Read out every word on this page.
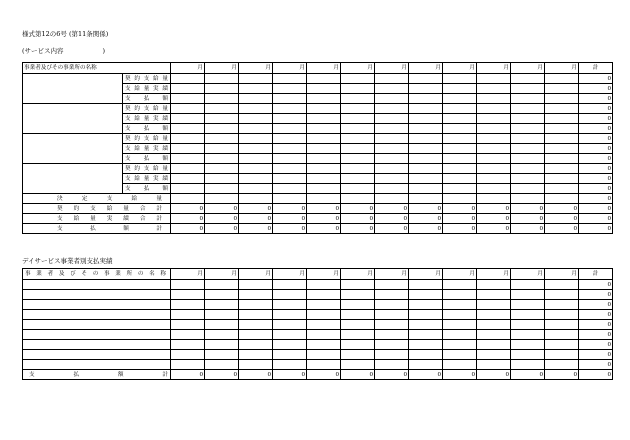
様式第12の6号 (第11条関係)
(サービス内容　　　　　　)
事業者及びその事業所の名称		月	月	月	月	月	月	月	月	月	月	月	月	計
	契約支給量													0
	支給量実績													0
	支　払　額													0
	契約支給量													0
	支給量実績													0
	支　払　額													0
	契約支給量													0
	支給量実績													0
	支　払　額													0
	契約支給量													0
	支給量実績													0
	支　払　額													0
決　定　支　給　量														0
契約支給量合計		0	0	0	0	0	0	0	0	0	0	0	0	0
支給量実績合計		0	0	0	0	0	0	0	0	0	0	0	0	0
支　払　額　計		0	0	0	0	0	0	0	0	0	0	0	0	0
デイサービス事業者別支払実績
事業者及びその事業所の名称	月	月	月	月	月	月	月	月	月	月	月	月	計
													0
													0
													0
													0
													0
													0
													0
													0
													0
支　払　額　計	0	0	0	0	0	0	0	0	0	0	0	0	0
